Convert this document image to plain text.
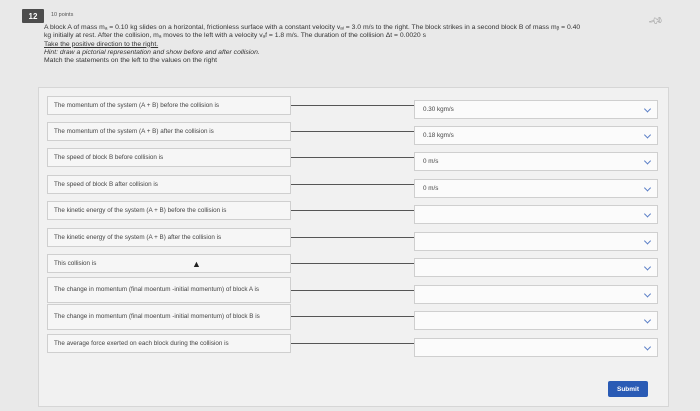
12	10 points	📌︎
A block A of mass mₐ = 0.10 kg slides on a horizontal, frictionless surface with a constant velocity vₐᵢ = 3.0 m/s to the right. The block strikes in a second block B of mass mᵦ = 0.40
kg initially at rest. After the collision, mₐ moves to the left with a velocity vₐf = 1.8 m/s. The duration of the collision Δt = 0.0020 s
Take the positive direction to the right.
Hint: draw a pictorial representation and show before and after collision.
Match the statements on the left to the values on the right
The momentum of the system (A + B) before the collision is
0.30 kgm/s
The momentum of the system (A + B) after the collision is
0.18 kgm/s
The speed of block B before collision is
0 m/s
The speed of block B after collision is
0 m/s
The kinetic energy of the system (A + B) before the collision is
The kinetic energy of the system (A + B) after the collision is
This collision is
The change in momentum (final moentum -initial momentum) of block A is
The change in momentum (final moentum -initial momentum) of block B is
The average force exerted on each block during the collision is
▲
Submit
